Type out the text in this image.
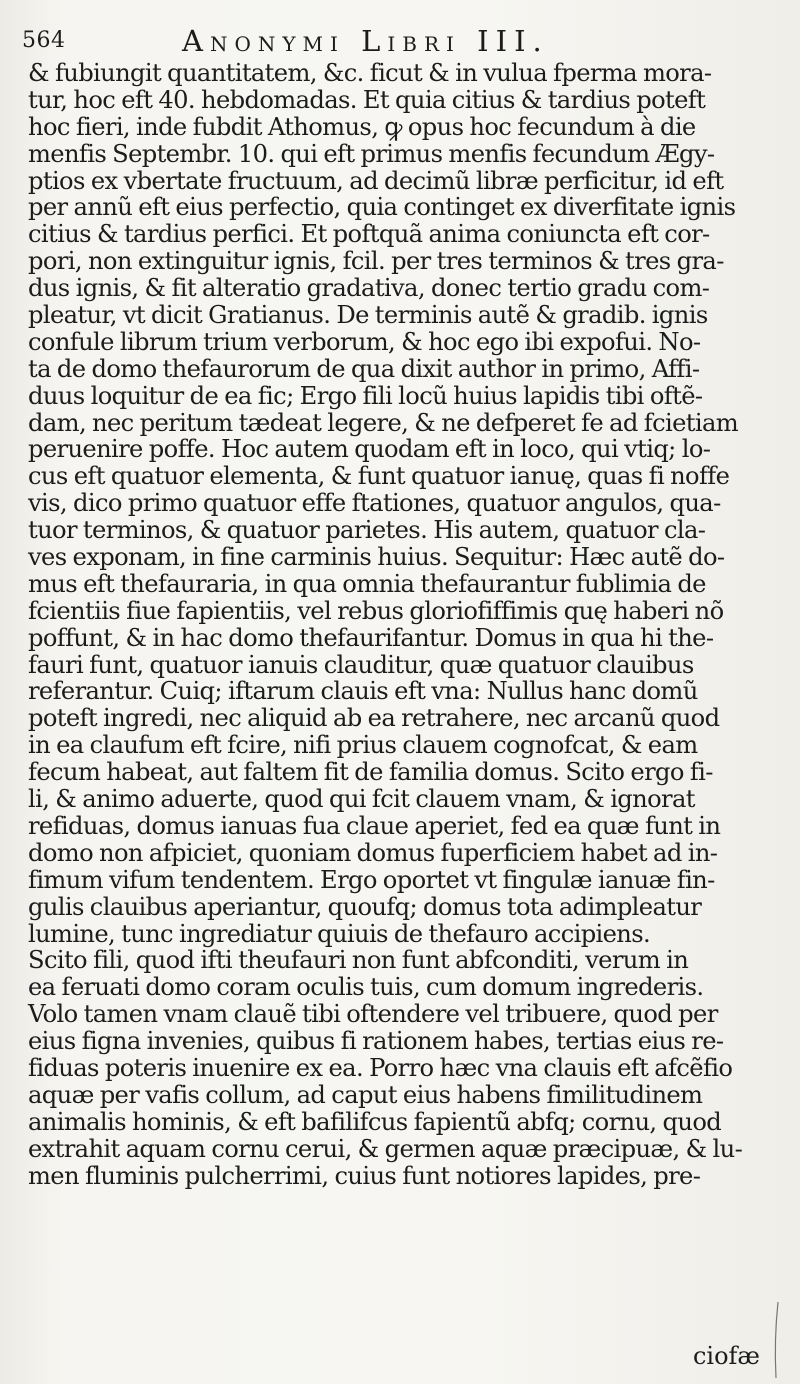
564	Anonymi Libri III.
& fubiungit quantitatem, &c. ficut & in vulua fperma mora-
tur, hoc eft 40. hebdomadas. Et quia citius & tardius poteft
hoc fieri, inde fubdit Athomus, ꝙ opus hoc fecundum à die
menfis Septembr. 10. qui eft primus menfis fecundum Ægy-
ptios ex vbertate fructuum, ad decimũ libræ perficitur, id eft
per annũ eft eius perfectio, quia continget ex diverfitate ignis
citius & tardius perfici. Et poftquã anima coniuncta eft cor-
pori, non extinguitur ignis, fcil. per tres terminos & tres gra-
dus ignis, & fit alteratio gradativa, donec tertio gradu com-
pleatur, vt dicit Gratianus. De terminis autẽ & gradib. ignis
confule librum trium verborum, & hoc ego ibi expofui. No-
ta de domo thefaurorum de qua dixit author in primo, Affi-
duus loquitur de ea fic; Ergo fili locũ huius lapidis tibi oftẽ-
dam, nec peritum tædeat legere, & ne defperet fe ad fcietiam
peruenire poffe. Hoc autem quodam eft in loco, qui vtiq; lo-
cus eft quatuor elementa, & funt quatuor ianuę, quas fi noffe
vis, dico primo quatuor effe ftationes, quatuor angulos, qua-
tuor terminos, & quatuor parietes. His autem, quatuor cla-
ves exponam, in fine carminis huius. Sequitur: Hæc autẽ do-
mus eft thefauraria, in qua omnia thefaurantur fublimia de
fcientiis fiue fapientiis, vel rebus gloriofiffimis quę haberi nõ
poffunt, & in hac domo thefaurifantur. Domus in qua hi the-
fauri funt, quatuor ianuis clauditur, quæ quatuor clauibus
referantur. Cuiq; iftarum clauis eft vna: Nullus hanc domũ
poteft ingredi, nec aliquid ab ea retrahere, nec arcanũ quod
in ea claufum eft fcire, nifi prius clauem cognofcat, & eam
fecum habeat, aut faltem fit de familia domus. Scito ergo fi-
li, & animo aduerte, quod qui fcit clauem vnam, & ignorat
refiduas, domus ianuas fua claue aperiet, fed ea quæ funt in
domo non afpiciet, quoniam domus fuperficiem habet ad in-
fimum vifum tendentem. Ergo oportet vt fingulæ ianuæ fin-
gulis clauibus aperiantur, quoufq; domus tota adimpleatur
lumine, tunc ingrediatur quiuis de thefauro accipiens.
Scito fili, quod ifti theufauri non funt abfconditi, verum in
ea feruati domo coram oculis tuis, cum domum ingrederis.
Volo tamen vnam clauẽ tibi oftendere vel tribuere, quod per
eius figna invenies, quibus fi rationem habes, tertias eius re-
fiduas poteris inuenire ex ea. Porro hæc vna clauis eft afcẽfio
aquæ per vafis collum, ad caput eius habens fimilitudinem
animalis hominis, & eft bafilifcus fapientũ abfq; cornu, quod
extrahit aquam cornu cerui, & germen aquæ præcipuæ, & lu-
men fluminis pulcherrimi, cuius funt notiores lapides, pre-
ciofæ
